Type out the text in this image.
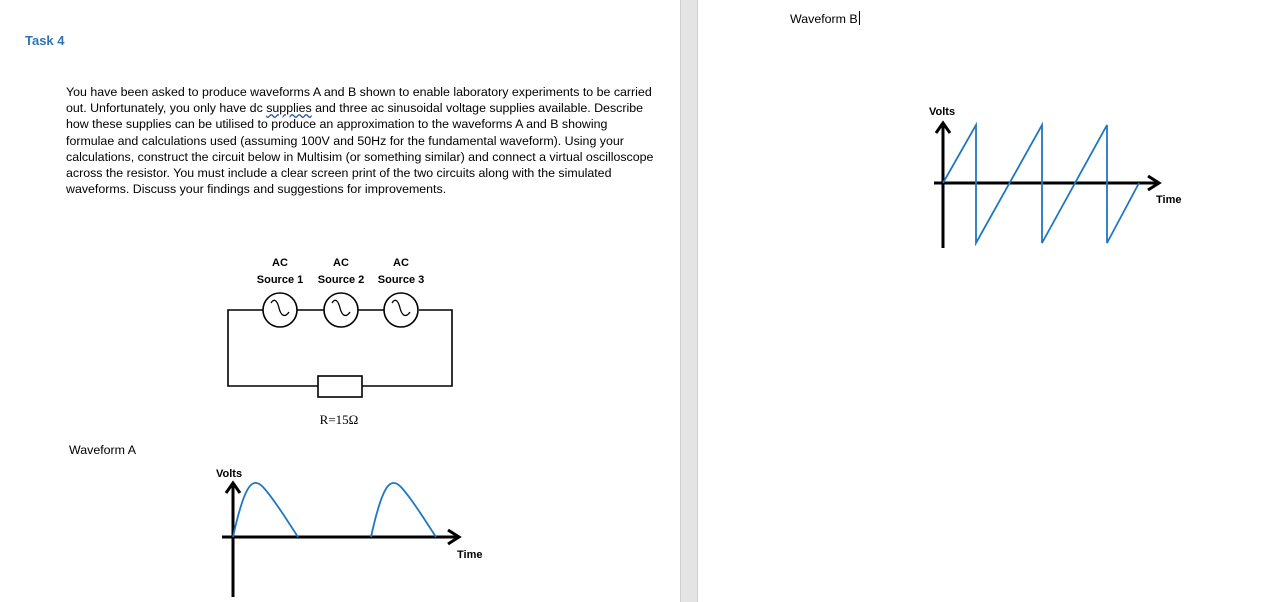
Task 4

You have been asked to produce waveforms A and B shown to enable laboratory experiments to be carried out. Unfortunately, you only have dc supplies and three ac sinusoidal voltage supplies available. Describe how these supplies can be utilised to produce an approximation to the waveforms A and B showing formulae and calculations used (assuming 100V and 50Hz for the fundamental waveform). Using your calculations, construct the circuit below in Multisim (or something similar) and connect a virtual oscilloscope across the resistor. You must include a clear screen print of the two circuits along with the simulated waveforms. Discuss your findings and suggestions for improvements.

AC
Source 1
AC
Source 2
AC
Source 3
R=15Ω
Waveform A
Volts
Time
Waveform B
Volts
Time
